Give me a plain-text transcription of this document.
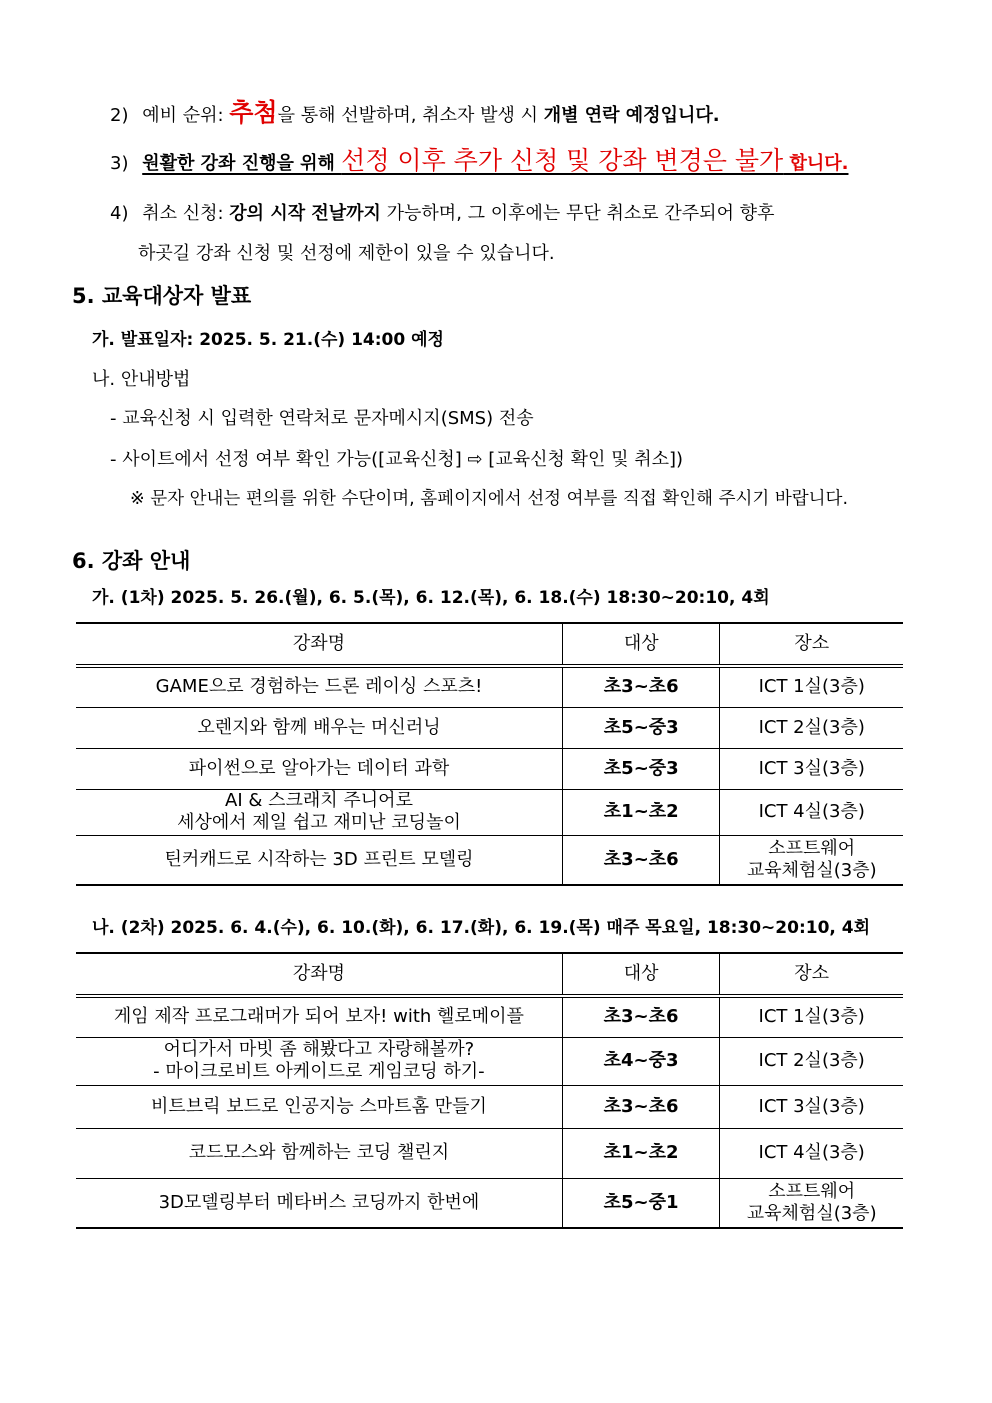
2) 예비 순위: 추첨을 통해 선발하며, 취소자 발생 시 개별 연락 예정입니다.
3) 원활한 강좌 진행을 위해 선정 이후 추가 신청 및 강좌 변경은 불가 합니다.
4) 취소 신청: 강의 시작 전날까지 가능하며, 그 이후에는 무단 취소로 간주되어 향후
하곳길 강좌 신청 및 선정에 제한이 있을 수 있습니다.
5. 교육대상자 발표
가. 발표일자: 2025. 5. 21.(수) 14:00 예정
나. 안내방법
- 교육신청 시 입력한 연락처로 문자메시지(SMS) 전송
- 사이트에서 선정 여부 확인 가능([교육신청] ⇨ [교육신청 확인 및 취소])
※ 문자 안내는 편의를 위한 수단이며, 홈페이지에서 선정 여부를 직접 확인해 주시기 바랍니다.
6. 강좌 안내
가. (1차) 2025. 5. 26.(월), 6. 5.(목), 6. 12.(목), 6. 18.(수) 18:30~20:10, 4회
강좌명	대상	장소

GAME으로 경험하는 드론 레이싱 스포츠!	초3~초6	ICT 1실(3층)

오렌지와 함께 배우는 머신러닝	초5~중3	ICT 2실(3층)

파이썬으로 알아가는 데이터 과학	초5~중3	ICT 3실(3층)

AI & 스크래치 주니어로
세상에서 제일 쉽고 재미난 코딩놀이	초1~초2	ICT 4실(3층)

틴커캐드로 시작하는 3D 프린트 모델링	초3~초6	소프트웨어
교육체험실(3층)
나. (2차) 2025. 6. 4.(수), 6. 10.(화), 6. 17.(화), 6. 19.(목) 매주 목요일, 18:30~20:10, 4회
강좌명	대상	장소

게임 제작 프로그래머가 되어 보자! with 헬로메이플	초3~초6	ICT 1실(3층)

어디가서 마빗 좀 해봤다고 자랑해볼까?
- 마이크로비트 아케이드로 게임코딩 하기-	초4~중3	ICT 2실(3층)

비트브릭 보드로 인공지능 스마트홈 만들기	초3~초6	ICT 3실(3층)

코드모스와 함께하는 코딩 챌린지	초1~초2	ICT 4실(3층)

3D모델링부터 메타버스 코딩까지 한번에	초5~중1	소프트웨어
교육체험실(3층)
